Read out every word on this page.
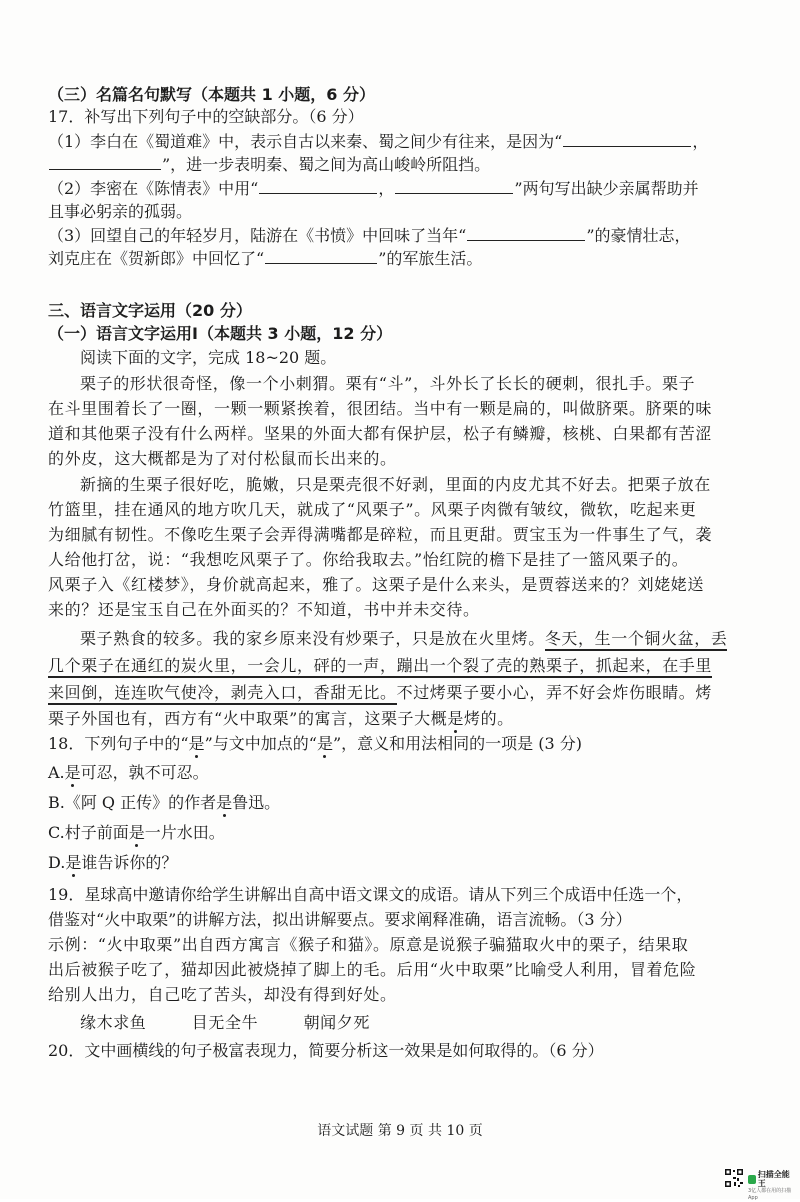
（三）名篇名句默写（本题共 1 小题，6 分）
17．补写出下列句子中的空缺部分。（6 分）
（1）李白在《蜀道难》中，表示自古以来秦、蜀之间少有往来，是因为“	，
”，进一步表明秦、蜀之间为高山峻岭所阻挡。
（2）李密在《陈情表》中用“	，	”两句写出缺少亲属帮助并
且事必躬亲的孤弱。
（3）回望自己的年轻岁月，陆游在《书愤》中回味了当年“	”的豪情壮志，
刘克庄在《贺新郎》中回忆了“	”的军旅生活。
三、语言文字运用（20 分）
（一）语言文字运用Ⅰ（本题共 3 小题，12 分）
阅读下面的文字，完成 18~20 题。
栗子的形状很奇怪，像一个小刺猬。栗有“斗”，斗外长了长长的硬刺，很扎手。栗子
在斗里围着长了一圈，一颗一颗紧挨着，很团结。当中有一颗是扁的，叫做脐栗。脐栗的味
道和其他栗子没有什么两样。坚果的外面大都有保护层，松子有鳞瓣，核桃、白果都有苦涩
的外皮，这大概都是为了对付松鼠而长出来的。
新摘的生栗子很好吃，脆嫩，只是栗壳很不好剥，里面的内皮尤其不好去。把栗子放在
竹篮里，挂在通风的地方吹几天，就成了“风栗子”。风栗子肉微有皱纹，微软，吃起来更
为细腻有韧性。不像吃生栗子会弄得满嘴都是碎粒，而且更甜。贾宝玉为一件事生了气，袭
人给他打岔，说：“我想吃风栗子了。你给我取去。”怡红院的檐下是挂了一篮风栗子的。
风栗子入《红楼梦》，身价就高起来，雅了。这栗子是什么来头，是贾蓉送来的？刘姥姥送
来的？还是宝玉自己在外面买的？不知道，书中并未交待。
栗子熟食的较多。我的家乡原来没有炒栗子，只是放在火里烤。冬天，生一个铜火盆，丢
几个栗子在通红的炭火里，一会儿，砰的一声，蹦出一个裂了壳的熟栗子，抓起来，在手里
来回倒，连连吹气使冷，剥壳入口，香甜无比。不过烤栗子要小心，弄不好会炸伤眼睛。烤
栗子外国也有，西方有“火中取栗”的寓言，这栗子大概是烤的。
18．下列句子中的“是”与文中加点的“是”，意义和用法相同的一项是 (3 分)
A.是可忍，孰不可忍。
B.《阿 Q 正传》的作者是鲁迅。
C.村子前面是一片水田。
D.是谁告诉你的？
19．星球高中邀请你给学生讲解出自高中语文课文的成语。请从下列三个成语中任选一个，
借鉴对“火中取栗”的讲解方法，拟出讲解要点。要求阐释准确，语言流畅。（3 分）
示例：“火中取栗”出自西方寓言《猴子和猫》。原意是说猴子骗猫取火中的栗子，结果取
出后被猴子吃了，猫却因此被烧掉了脚上的毛。后用“火中取栗”比喻受人利用，冒着危险
给别人出力，自己吃了苦头，却没有得到好处。
缘木求鱼	目无全牛	朝闻夕死
20．文中画横线的句子极富表现力，简要分析这一效果是如何取得的。（6 分）
语文试题 第 9 页 共 10 页
扫描全能王
3亿人都在用的扫描App
